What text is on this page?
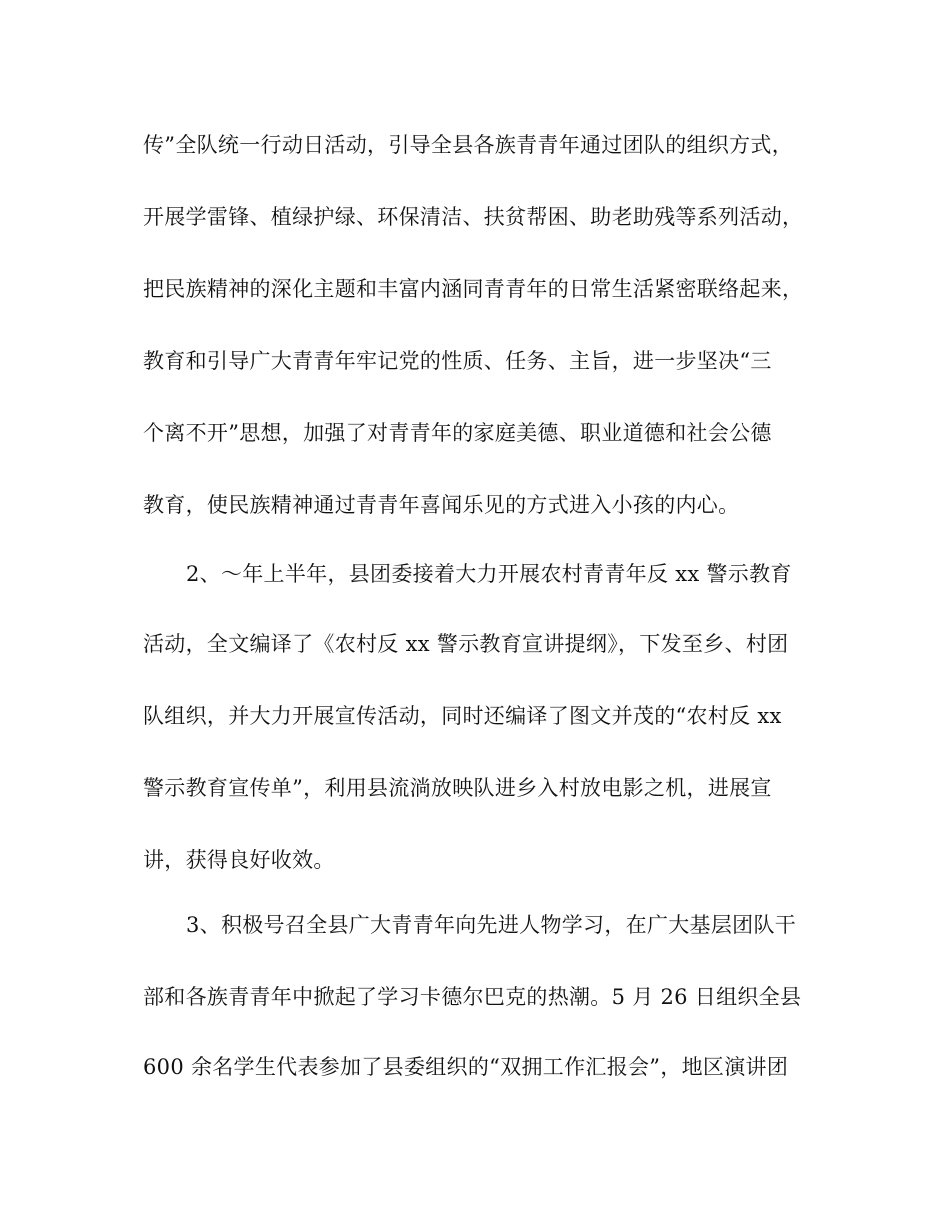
传”全队统一行动日活动，引导全县各族青青年通过团队的组织方式，
开展学雷锋、植绿护绿、环保清洁、扶贫帮困、助老助残等系列活动，
把民族精神的深化主题和丰富内涵同青青年的日常生活紧密联络起来，
教育和引导广大青青年牢记党的性质、任务、主旨，进一步坚决“三
个离不开”思想，加强了对青青年的家庭美德、职业道德和社会公德
教育，使民族精神通过青青年喜闻乐见的方式进入小孩的内心。
2、～年上半年，县团委接着大力开展农村青青年反 xx 警示教育
活动，全文编译了《农村反 xx 警示教育宣讲提纲》，下发至乡、村团
队组织，并大力开展宣传活动，同时还编译了图文并茂的“农村反 xx
警示教育宣传单”，利用县流淌放映队进乡入村放电影之机，进展宣
讲，获得良好收效。
3、积极号召全县广大青青年向先进人物学习，在广大基层团队干
部和各族青青年中掀起了学习卡德尔巴克的热潮。5 月 26 日组织全县
600 余名学生代表参加了县委组织的“双拥工作汇报会”，地区演讲团
